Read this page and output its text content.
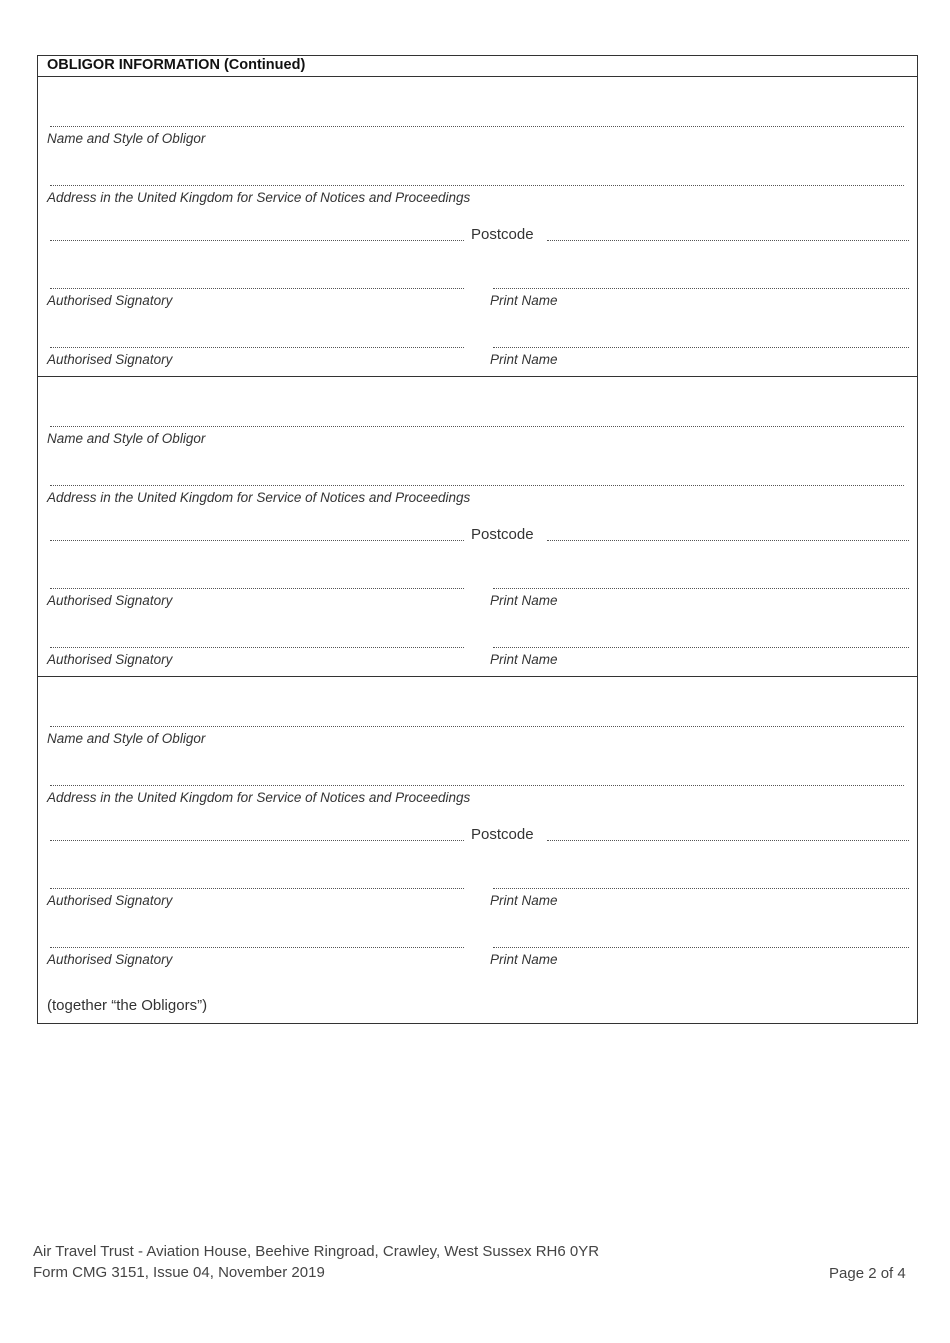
OBLIGOR INFORMATION (Continued)
Name and Style of Obligor
Address in the United Kingdom for Service of Notices and Proceedings
Postcode
Authorised Signatory	Print Name
Authorised Signatory	Print Name
Name and Style of Obligor
Address in the United Kingdom for Service of Notices and Proceedings
Postcode
Authorised Signatory	Print Name
Authorised Signatory	Print Name
Name and Style of Obligor
Address in the United Kingdom for Service of Notices and Proceedings
Postcode
Authorised Signatory	Print Name
Authorised Signatory	Print Name
(together “the Obligors”)
Air Travel Trust - Aviation House, Beehive Ringroad, Crawley, West Sussex RH6 0YR
Form CMG 3151, Issue 04, November 2019	Page 2 of 4
